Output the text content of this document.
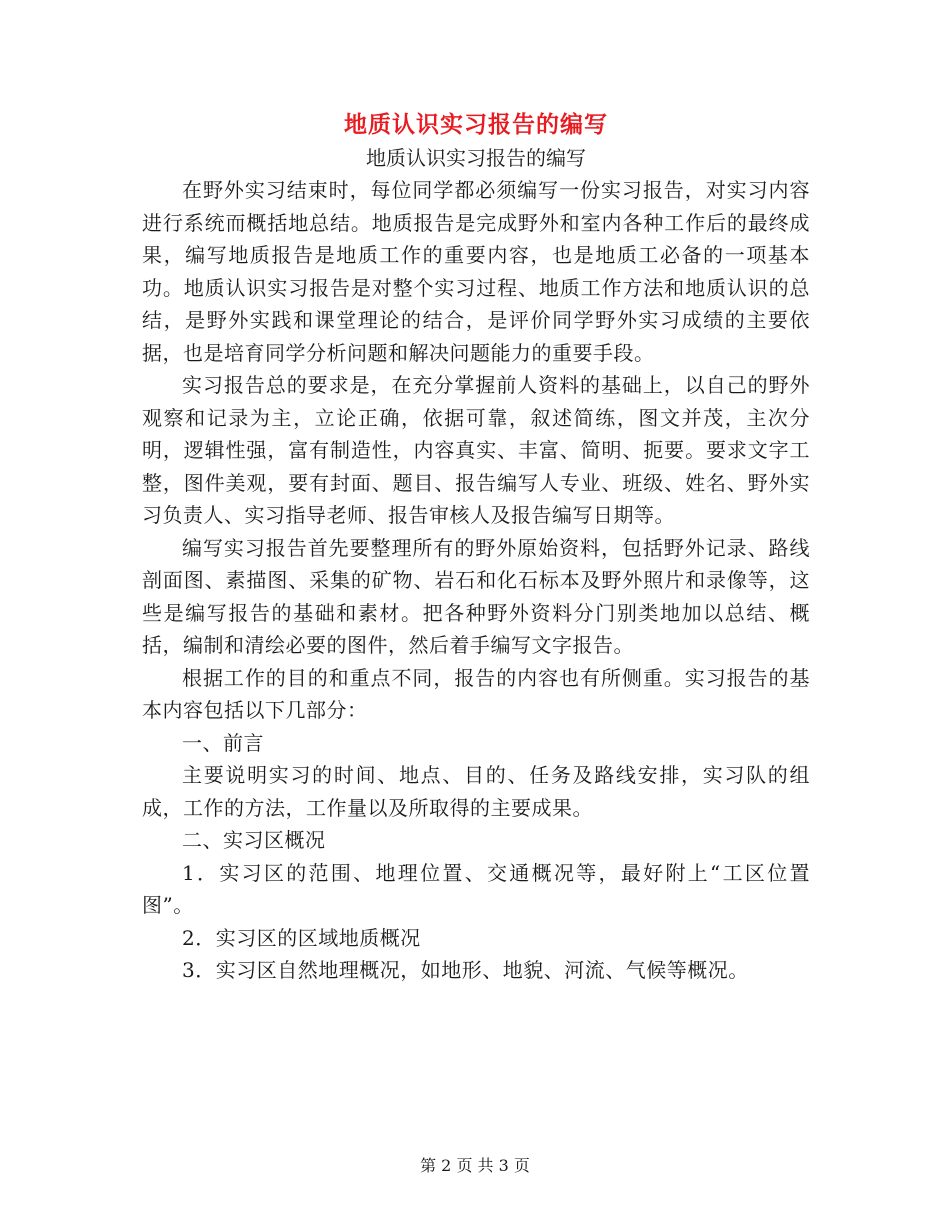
地质认识实习报告的编写

地质认识实习报告的编写

在野外实习结束时，每位同学都必须编写一份实习报告，对实习内容进行系统而概括地总结。地质报告是完成野外和室内各种工作后的最终成果，编写地质报告是地质工作的重要内容，也是地质工必备的一项基本功。地质认识实习报告是对整个实习过程、地质工作方法和地质认识的总结，是野外实践和课堂理论的结合，是评价同学野外实习成绩的主要依据，也是培育同学分析问题和解决问题能力的重要手段。

实习报告总的要求是，在充分掌握前人资料的基础上，以自己的野外观察和记录为主，立论正确，依据可靠，叙述简练，图文并茂，主次分明，逻辑性强，富有制造性，内容真实、丰富、简明、扼要。要求文字工整，图件美观，要有封面、题目、报告编写人专业、班级、姓名、野外实习负责人、实习指导老师、报告审核人及报告编写日期等。

编写实习报告首先要整理所有的野外原始资料，包括野外记录、路线剖面图、素描图、采集的矿物、岩石和化石标本及野外照片和录像等，这些是编写报告的基础和素材。把各种野外资料分门别类地加以总结、概括，编制和清绘必要的图件，然后着手编写文字报告。

根据工作的目的和重点不同，报告的内容也有所侧重。实习报告的基本内容包括以下几部分：

一、前言

主要说明实习的时间、地点、目的、任务及路线安排，实习队的组成，工作的方法，工作量以及所取得的主要成果。

二、实习区概况

1．实习区的范围、地理位置、交通概况等，最好附上“工区位置图”。

2．实习区的区域地质概况

3．实习区自然地理概况，如地形、地貌、河流、气候等概况。

第 2 页 共 3 页
